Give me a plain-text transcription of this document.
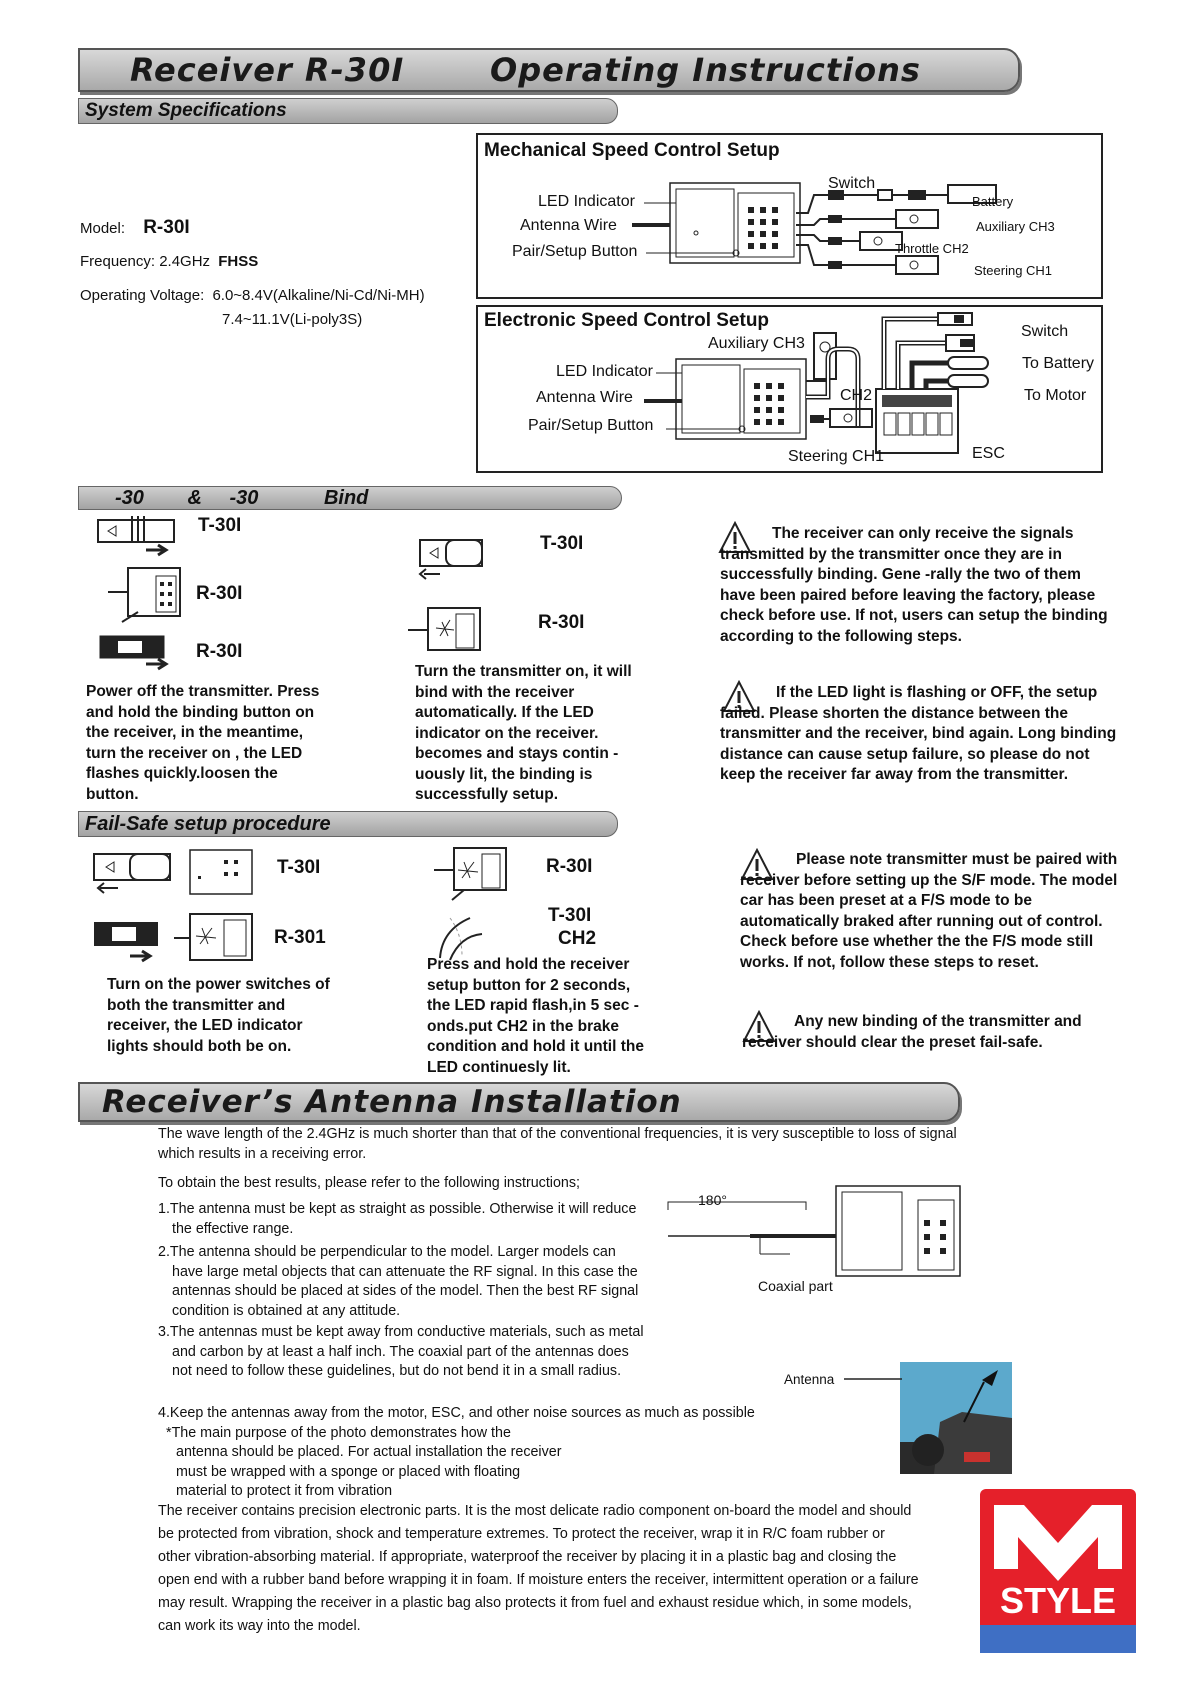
Receiver R-30I	Operating Instructions
System Specifications
Model: R-30I
Frequency: 2.4GHz FHSS
Operating Voltage: 6.0~8.4V(Alkaline/Ni-Cd/Ni-MH)
7.4~11.1V(Li-poly3S)
Mechanical Speed Control Setup
LED Indicator
Antenna Wire
Pair/Setup Button
Switch
Battery
Auxiliary CH3
Throttle CH2
Steering CH1
Electronic Speed Control Setup
Auxiliary CH3
LED Indicator
Antenna Wire
Pair/Setup Button
CH2
Steering CH1
Switch
To Battery
To Motor
ESC
-30 & -30	Bind
T-30I
R-30I
R-30I
T-30I
R-30I
Power off the transmitter. Press and hold the binding button on the receiver, in the meantime, turn the receiver on , the LED flashes quickly.loosen the button.
Turn the transmitter on, it will bind with the receiver automatically. If the LED indicator on the receiver. becomes and stays contin -uously lit, the binding is successfully setup.
The receiver can only receive the signals transmitted by the transmitter once they are in successfully binding. Gene -rally the two of them have been paired before leaving the factory, please check before use. If not, users can setup the binding according to the following steps.
If the LED light is flashing or OFF, the setup failed. Please shorten the distance between the transmitter and the receiver, bind again. Long binding distance can cause setup failure, so please do not keep the receiver far away from the transmitter.
Fail-Safe setup procedure
T-30I
R-301
R-30I
T-30I
CH2
Turn on the power switches of both the transmitter and receiver, the LED indicator lights should both be on.
Press and hold the receiver setup button for 2 seconds, the LED rapid flash,in 5 sec -onds.put CH2 in the brake condition and hold it until the LED continuesly lit.
Please note transmitter must be paired with receiver before setting up the S/F mode. The model car has been preset at a F/S mode to be automatically braked after running out of control. Check before use whether the the F/S mode still works. If not, follow these steps to reset.
Any new binding of the transmitter and receiver should clear the preset fail-safe.
Receiver’s Antenna Installation
The wave length of the 2.4GHz is much shorter than that of the conventional frequencies, it is very susceptible to loss of signal which results in a receiving error.
To obtain the best results, please refer to the following instructions;
1.The antenna must be kept as straight as possible. Otherwise it will reduce the effective range.
2.The antenna should be perpendicular to the model. Larger models can have large metal objects that can attenuate the RF signal. In this case the antennas should be placed at sides of the model. Then the best RF signal condition is obtained at any attitude.
3.The antennas must be kept away from conductive materials, such as metal and carbon by at least a half inch. The coaxial part of the antennas does not need to follow these guidelines, but do not bend it in a small radius.
4.Keep the antennas away from the motor, ESC, and other noise sources as much as possible
*The main purpose of the photo demonstrates how the antenna should be placed. For actual installation the receiver must be wrapped with a sponge or placed with floating material to protect it from vibration
180°
Coaxial part
Antenna
The receiver contains precision electronic parts. It is the most delicate radio component on-board the model and should be protected from vibration, shock and temperature extremes. To protect the receiver, wrap it in R/C foam rubber or other vibration-absorbing material. If appropriate, waterproof the receiver by placing it in a plastic bag and closing the open end with a rubber band before wrapping it in foam. If moisture enters the receiver, intermittent operation or a failure may result. Wrapping the receiver in a plastic bag also protects it from fuel and exhaust residue which, in some models, can work its way into the model.
STYLE
